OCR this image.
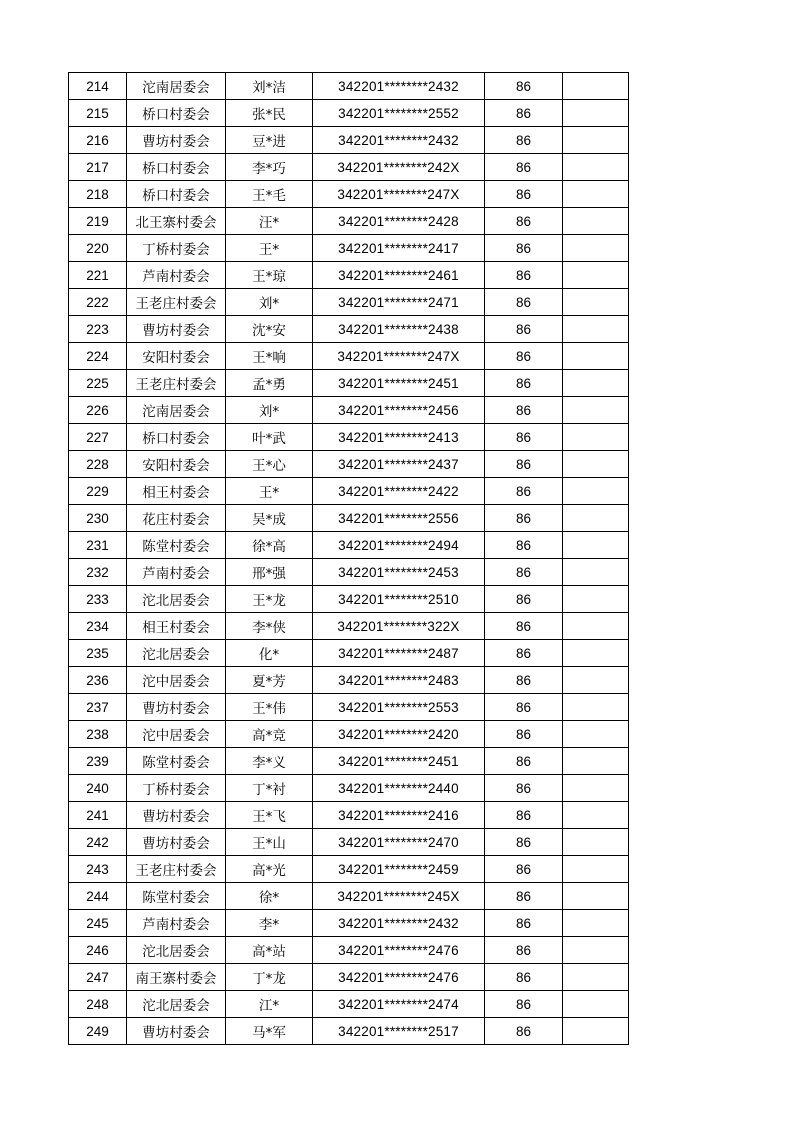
214	沱南居委会	刘*洁	342201********2432	86	
215	桥口村委会	张*民	342201********2552	86	
216	曹坊村委会	豆*进	342201********2432	86	
217	桥口村委会	李*巧	342201********242X	86	
218	桥口村委会	王*毛	342201********247X	86	
219	北王寨村委会	汪*	342201********2428	86	
220	丁桥村委会	王*	342201********2417	86	
221	芦南村委会	王*琼	342201********2461	86	
222	王老庄村委会	刘*	342201********2471	86	
223	曹坊村委会	沈*安	342201********2438	86	
224	安阳村委会	王*响	342201********247X	86	
225	王老庄村委会	孟*勇	342201********2451	86	
226	沱南居委会	刘*	342201********2456	86	
227	桥口村委会	叶*武	342201********2413	86	
228	安阳村委会	王*心	342201********2437	86	
229	相王村委会	王*	342201********2422	86	
230	花庄村委会	吴*成	342201********2556	86	
231	陈堂村委会	徐*高	342201********2494	86	
232	芦南村委会	邢*强	342201********2453	86	
233	沱北居委会	王*龙	342201********2510	86	
234	相王村委会	李*侠	342201********322X	86	
235	沱北居委会	化*	342201********2487	86	
236	沱中居委会	夏*芳	342201********2483	86	
237	曹坊村委会	王*伟	342201********2553	86	
238	沱中居委会	高*竞	342201********2420	86	
239	陈堂村委会	李*义	342201********2451	86	
240	丁桥村委会	丁*衬	342201********2440	86	
241	曹坊村委会	王*飞	342201********2416	86	
242	曹坊村委会	王*山	342201********2470	86	
243	王老庄村委会	高*光	342201********2459	86	
244	陈堂村委会	徐*	342201********245X	86	
245	芦南村委会	李*	342201********2432	86	
246	沱北居委会	高*站	342201********2476	86	
247	南王寨村委会	丁*龙	342201********2476	86	
248	沱北居委会	江*	342201********2474	86	
249	曹坊村委会	马*军	342201********2517	86	
